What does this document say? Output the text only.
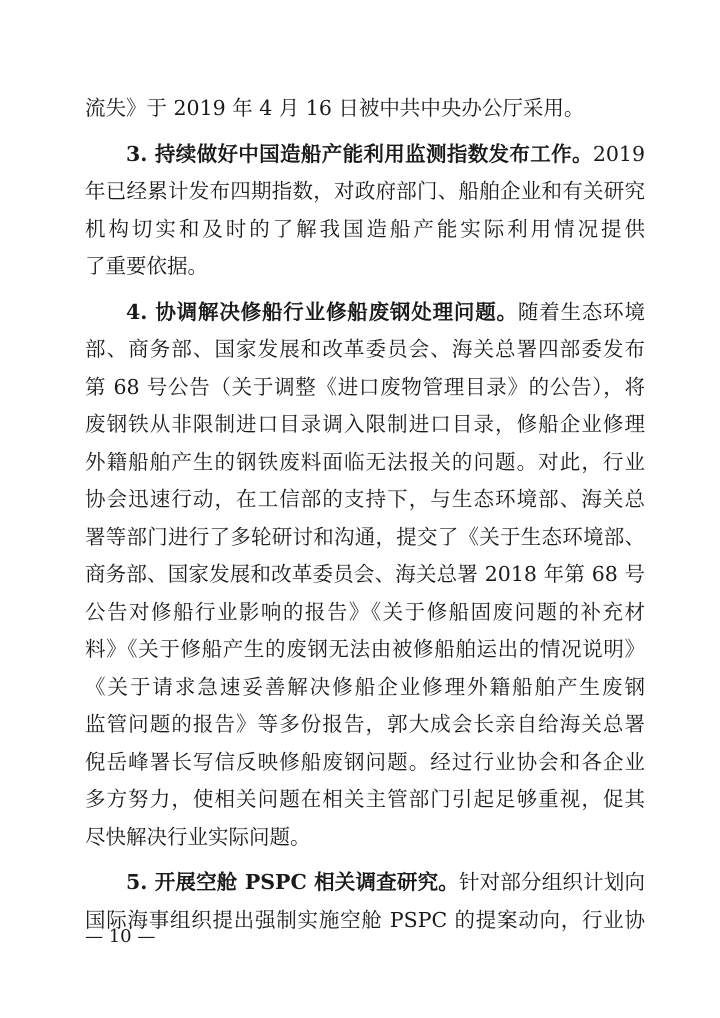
流失》于 2019 年 4 月 16 日被中共中央办公厅采用。
3. 持续做好中国造船产能利用监测指数发布工作。2019
年已经累计发布四期指数，对政府部门、船舶企业和有关研究
机构切实和及时的了解我国造船产能实际利用情况提供
了重要依据。
4. 协调解决修船行业修船废钢处理问题。随着生态环境
部、商务部、国家发展和改革委员会、海关总署四部委发布
第 68 号公告（关于调整《进口废物管理目录》的公告），将
废钢铁从非限制进口目录调入限制进口目录，修船企业修理
外籍船舶产生的钢铁废料面临无法报关的问题。对此，行业
协会迅速行动，在工信部的支持下，与生态环境部、海关总
署等部门进行了多轮研讨和沟通，提交了《关于生态环境部、
商务部、国家发展和改革委员会、海关总署 2018 年第 68 号
公告对修船行业影响的报告》《关于修船固废问题的补充材
料》《关于修船产生的废钢无法由被修船舶运出的情况说明》
《关于请求急速妥善解决修船企业修理外籍船舶产生废钢
监管问题的报告》等多份报告，郭大成会长亲自给海关总署
倪岳峰署长写信反映修船废钢问题。经过行业协会和各企业
多方努力，使相关问题在相关主管部门引起足够重视，促其
尽快解决行业实际问题。
5. 开展空舱 PSPC 相关调查研究。针对部分组织计划向
国际海事组织提出强制实施空舱 PSPC 的提案动向，行业协
— 10 —
